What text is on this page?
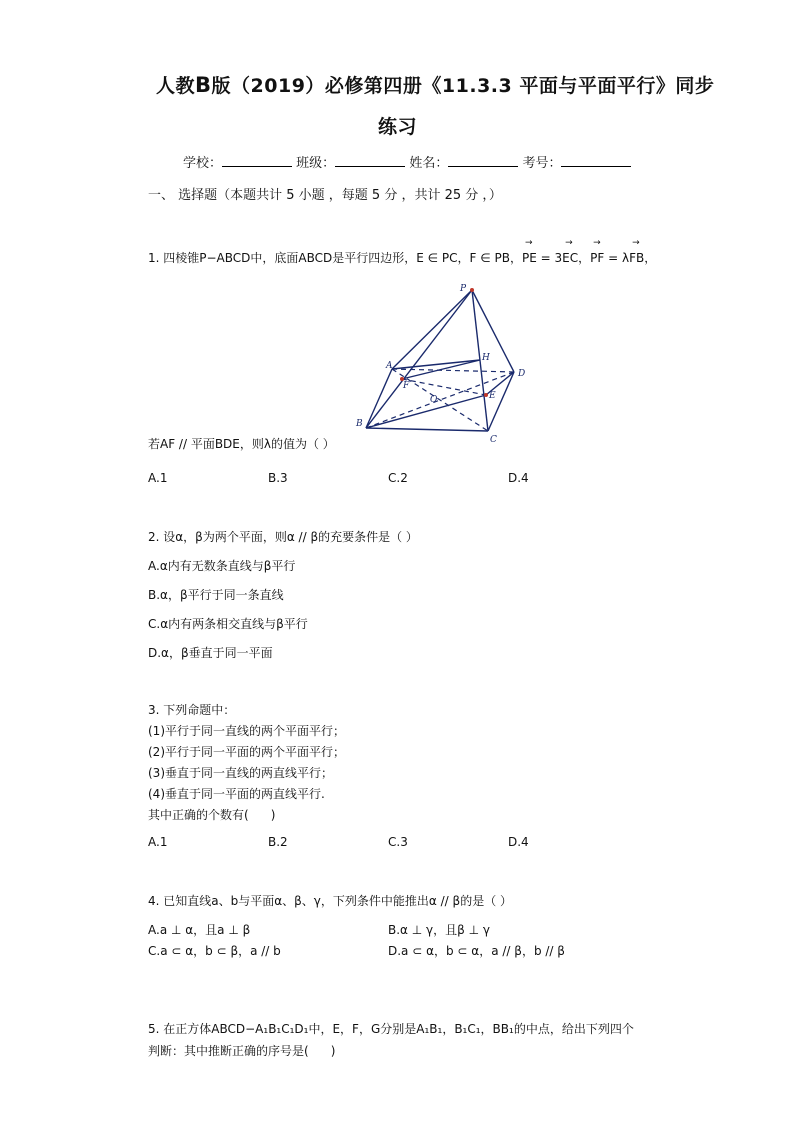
人教B版（2019）必修第四册《11.3.3 平面与平面平行》同步
练习
学校：	班级：	姓名：	考号：
一、 选择题（本题共计 5 小题 ，每题 5 分 ，共计 25 分 ，）
1. 四棱锥P−ABCD中，底面ABCD是平行四边形，E ∈ PC，F ∈ PB，→ PE = 3→ EC，→ PF = λ→ FB，
P
A
H
D
F
O	E
B
C
若AF // 平面BDE，则λ的值为（ ）
A.1	B.3	C.2	D.4
2. 设α，β为两个平面，则α // β的充要条件是（ ）
A.α内有无数条直线与β平行
B.α，β平行于同一条直线
C.α内有两条相交直线与β平行
D.α，β垂直于同一平面
3. 下列命题中：
(1)平行于同一直线的两个平面平行；
(2)平行于同一平面的两个平面平行；
(3)垂直于同一直线的两直线平行；
(4)垂直于同一平面的两直线平行.
其中正确的个数有( )
A.1	B.2	C.3	D.4
4. 已知直线a、b与平面α、β、γ，下列条件中能推出α // β的是（ ）
A.a ⊥ α，且a ⊥ β	B.α ⊥ γ，且β ⊥ γ
C.a ⊂ α，b ⊂ β，a // b	D.a ⊂ α，b ⊂ α，a // β，b // β
5. 在正方体ABCD−A₁B₁C₁D₁中，E，F，G分别是A₁B₁，B₁C₁，BB₁的中点，给出下列四个
判断：其中推断正确的序号是( )
